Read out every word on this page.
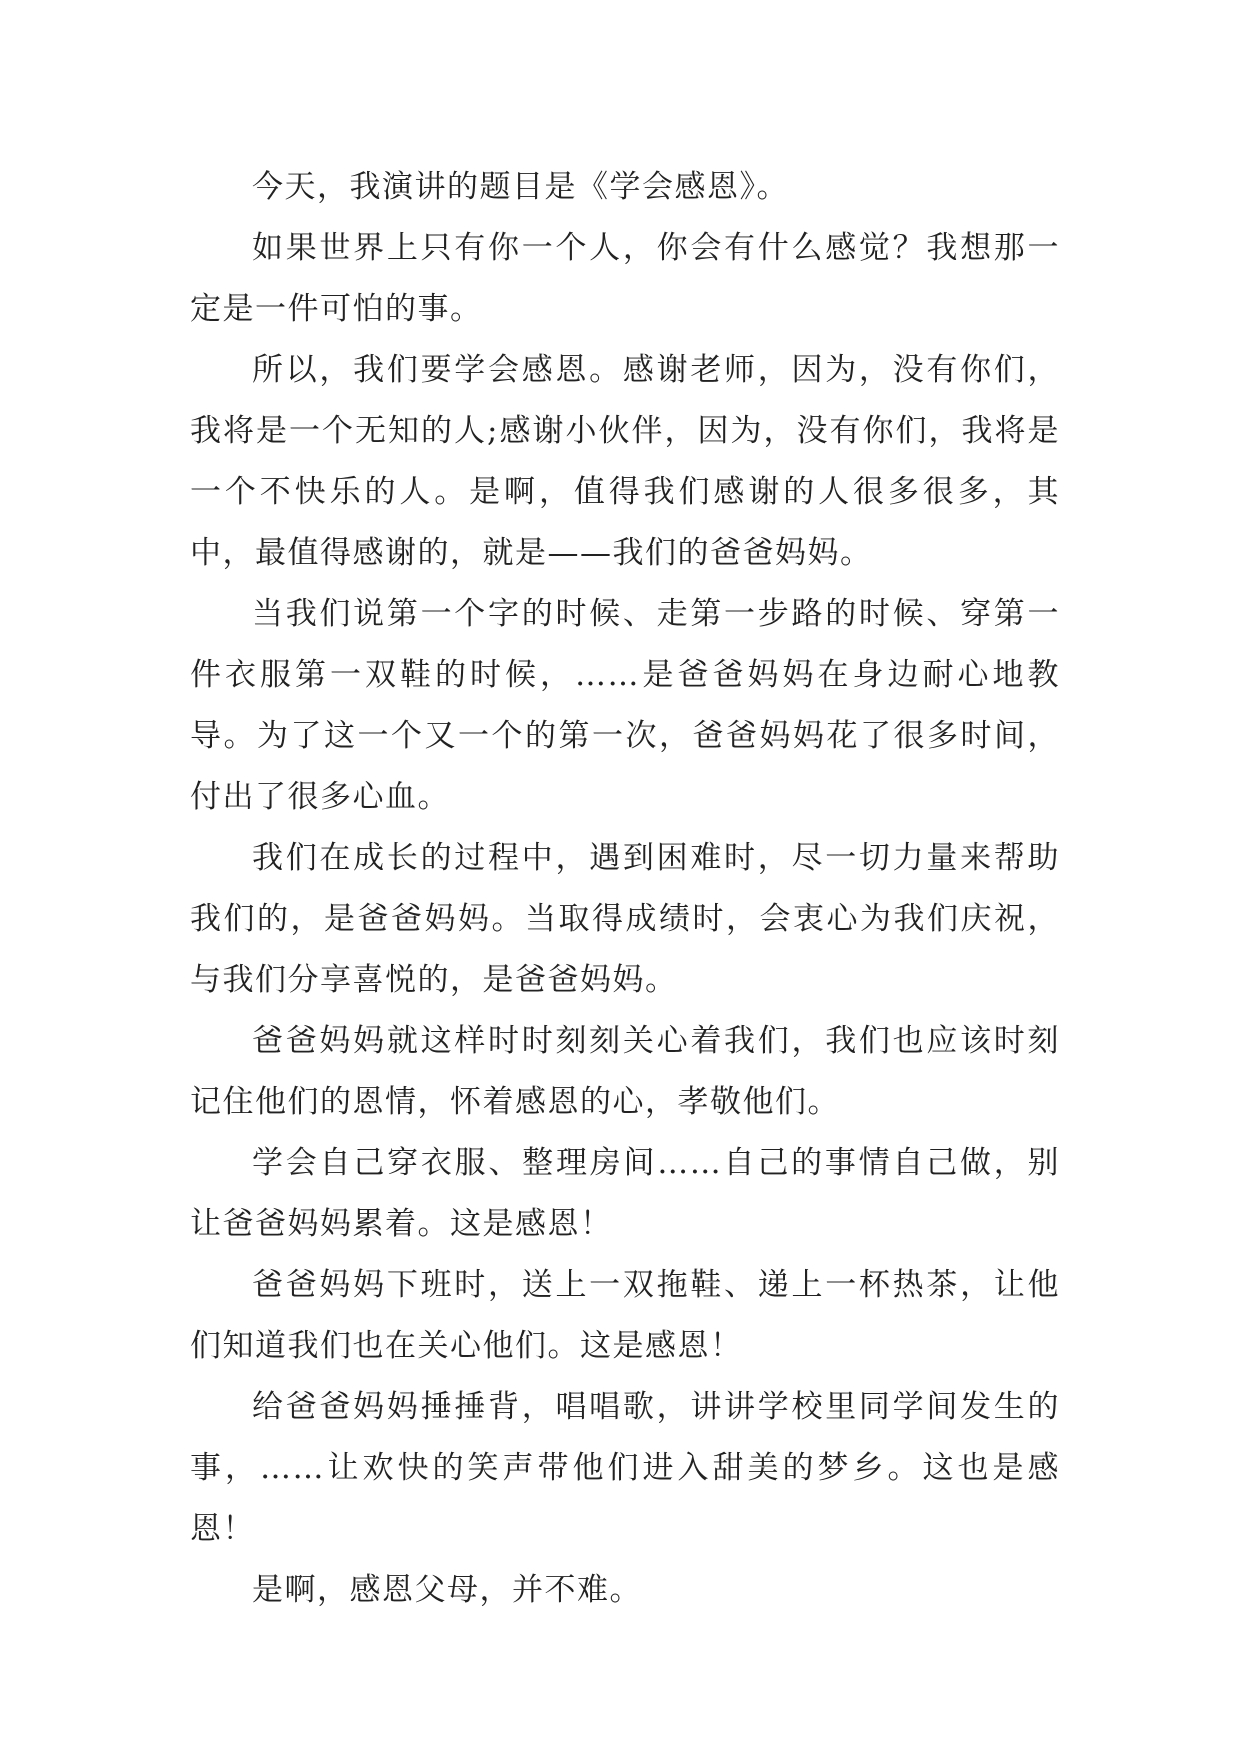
今天，我演讲的题目是《学会感恩》。

如果世界上只有你一个人，你会有什么感觉？我想那一定是一件可怕的事。

所以，我们要学会感恩。感谢老师，因为，没有你们，我将是一个无知的人;感谢小伙伴，因为，没有你们，我将是一个不快乐的人。是啊，值得我们感谢的人很多很多，其中，最值得感谢的，就是——我们的爸爸妈妈。

当我们说第一个字的时候、走第一步路的时候、穿第一件衣服第一双鞋的时候，……是爸爸妈妈在身边耐心地教导。为了这一个又一个的第一次，爸爸妈妈花了很多时间，付出了很多心血。

我们在成长的过程中，遇到困难时，尽一切力量来帮助我们的，是爸爸妈妈。当取得成绩时，会衷心为我们庆祝，与我们分享喜悦的，是爸爸妈妈。

爸爸妈妈就这样时时刻刻关心着我们，我们也应该时刻记住他们的恩情，怀着感恩的心，孝敬他们。

学会自己穿衣服、整理房间……自己的事情自己做，别让爸爸妈妈累着。这是感恩！

爸爸妈妈下班时，送上一双拖鞋、递上一杯热茶，让他们知道我们也在关心他们。这是感恩！

给爸爸妈妈捶捶背，唱唱歌，讲讲学校里同学间发生的事，……让欢快的笑声带他们进入甜美的梦乡。这也是感恩！

是啊，感恩父母，并不难。
